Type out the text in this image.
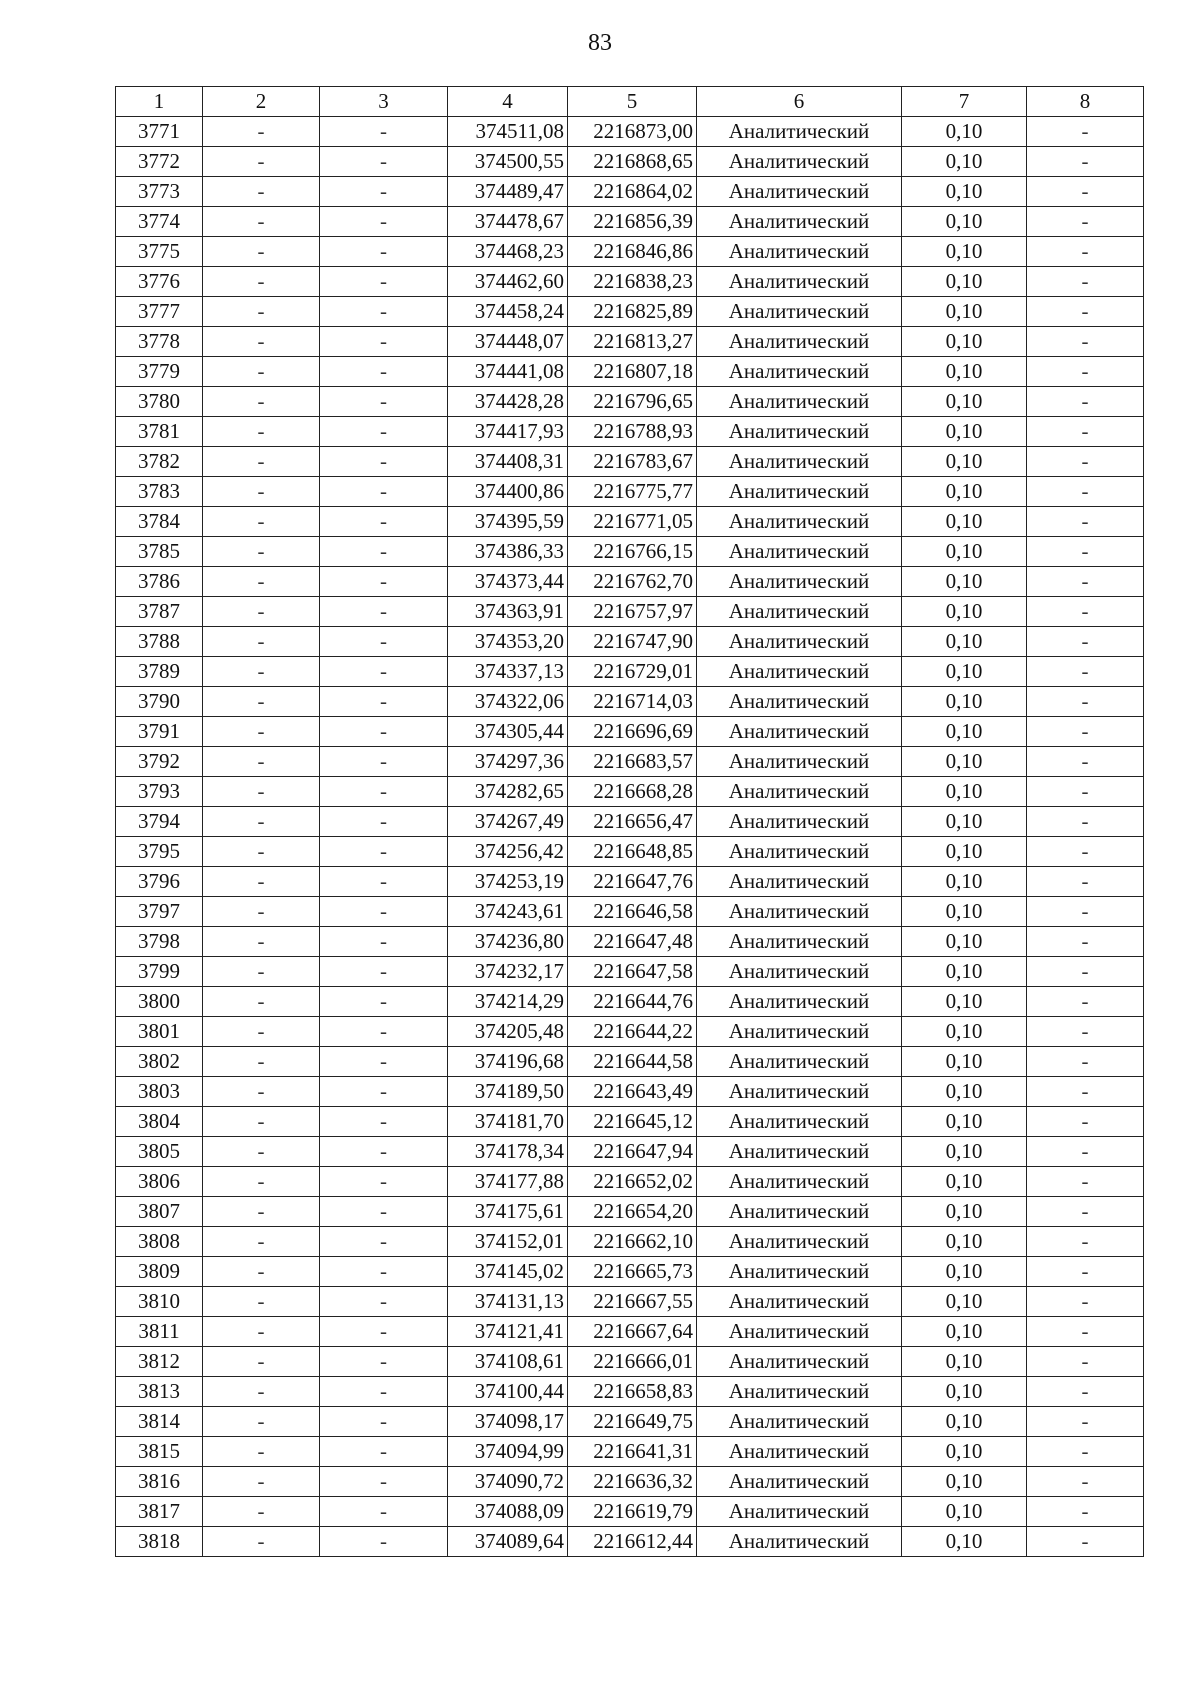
83
1	2	3	4	5	6	7	8
3771	-	-	374511,08	2216873,00	Аналитический	0,10	-
3772	-	-	374500,55	2216868,65	Аналитический	0,10	-
3773	-	-	374489,47	2216864,02	Аналитический	0,10	-
3774	-	-	374478,67	2216856,39	Аналитический	0,10	-
3775	-	-	374468,23	2216846,86	Аналитический	0,10	-
3776	-	-	374462,60	2216838,23	Аналитический	0,10	-
3777	-	-	374458,24	2216825,89	Аналитический	0,10	-
3778	-	-	374448,07	2216813,27	Аналитический	0,10	-
3779	-	-	374441,08	2216807,18	Аналитический	0,10	-
3780	-	-	374428,28	2216796,65	Аналитический	0,10	-
3781	-	-	374417,93	2216788,93	Аналитический	0,10	-
3782	-	-	374408,31	2216783,67	Аналитический	0,10	-
3783	-	-	374400,86	2216775,77	Аналитический	0,10	-
3784	-	-	374395,59	2216771,05	Аналитический	0,10	-
3785	-	-	374386,33	2216766,15	Аналитический	0,10	-
3786	-	-	374373,44	2216762,70	Аналитический	0,10	-
3787	-	-	374363,91	2216757,97	Аналитический	0,10	-
3788	-	-	374353,20	2216747,90	Аналитический	0,10	-
3789	-	-	374337,13	2216729,01	Аналитический	0,10	-
3790	-	-	374322,06	2216714,03	Аналитический	0,10	-
3791	-	-	374305,44	2216696,69	Аналитический	0,10	-
3792	-	-	374297,36	2216683,57	Аналитический	0,10	-
3793	-	-	374282,65	2216668,28	Аналитический	0,10	-
3794	-	-	374267,49	2216656,47	Аналитический	0,10	-
3795	-	-	374256,42	2216648,85	Аналитический	0,10	-
3796	-	-	374253,19	2216647,76	Аналитический	0,10	-
3797	-	-	374243,61	2216646,58	Аналитический	0,10	-
3798	-	-	374236,80	2216647,48	Аналитический	0,10	-
3799	-	-	374232,17	2216647,58	Аналитический	0,10	-
3800	-	-	374214,29	2216644,76	Аналитический	0,10	-
3801	-	-	374205,48	2216644,22	Аналитический	0,10	-
3802	-	-	374196,68	2216644,58	Аналитический	0,10	-
3803	-	-	374189,50	2216643,49	Аналитический	0,10	-
3804	-	-	374181,70	2216645,12	Аналитический	0,10	-
3805	-	-	374178,34	2216647,94	Аналитический	0,10	-
3806	-	-	374177,88	2216652,02	Аналитический	0,10	-
3807	-	-	374175,61	2216654,20	Аналитический	0,10	-
3808	-	-	374152,01	2216662,10	Аналитический	0,10	-
3809	-	-	374145,02	2216665,73	Аналитический	0,10	-
3810	-	-	374131,13	2216667,55	Аналитический	0,10	-
3811	-	-	374121,41	2216667,64	Аналитический	0,10	-
3812	-	-	374108,61	2216666,01	Аналитический	0,10	-
3813	-	-	374100,44	2216658,83	Аналитический	0,10	-
3814	-	-	374098,17	2216649,75	Аналитический	0,10	-
3815	-	-	374094,99	2216641,31	Аналитический	0,10	-
3816	-	-	374090,72	2216636,32	Аналитический	0,10	-
3817	-	-	374088,09	2216619,79	Аналитический	0,10	-
3818	-	-	374089,64	2216612,44	Аналитический	0,10	-
